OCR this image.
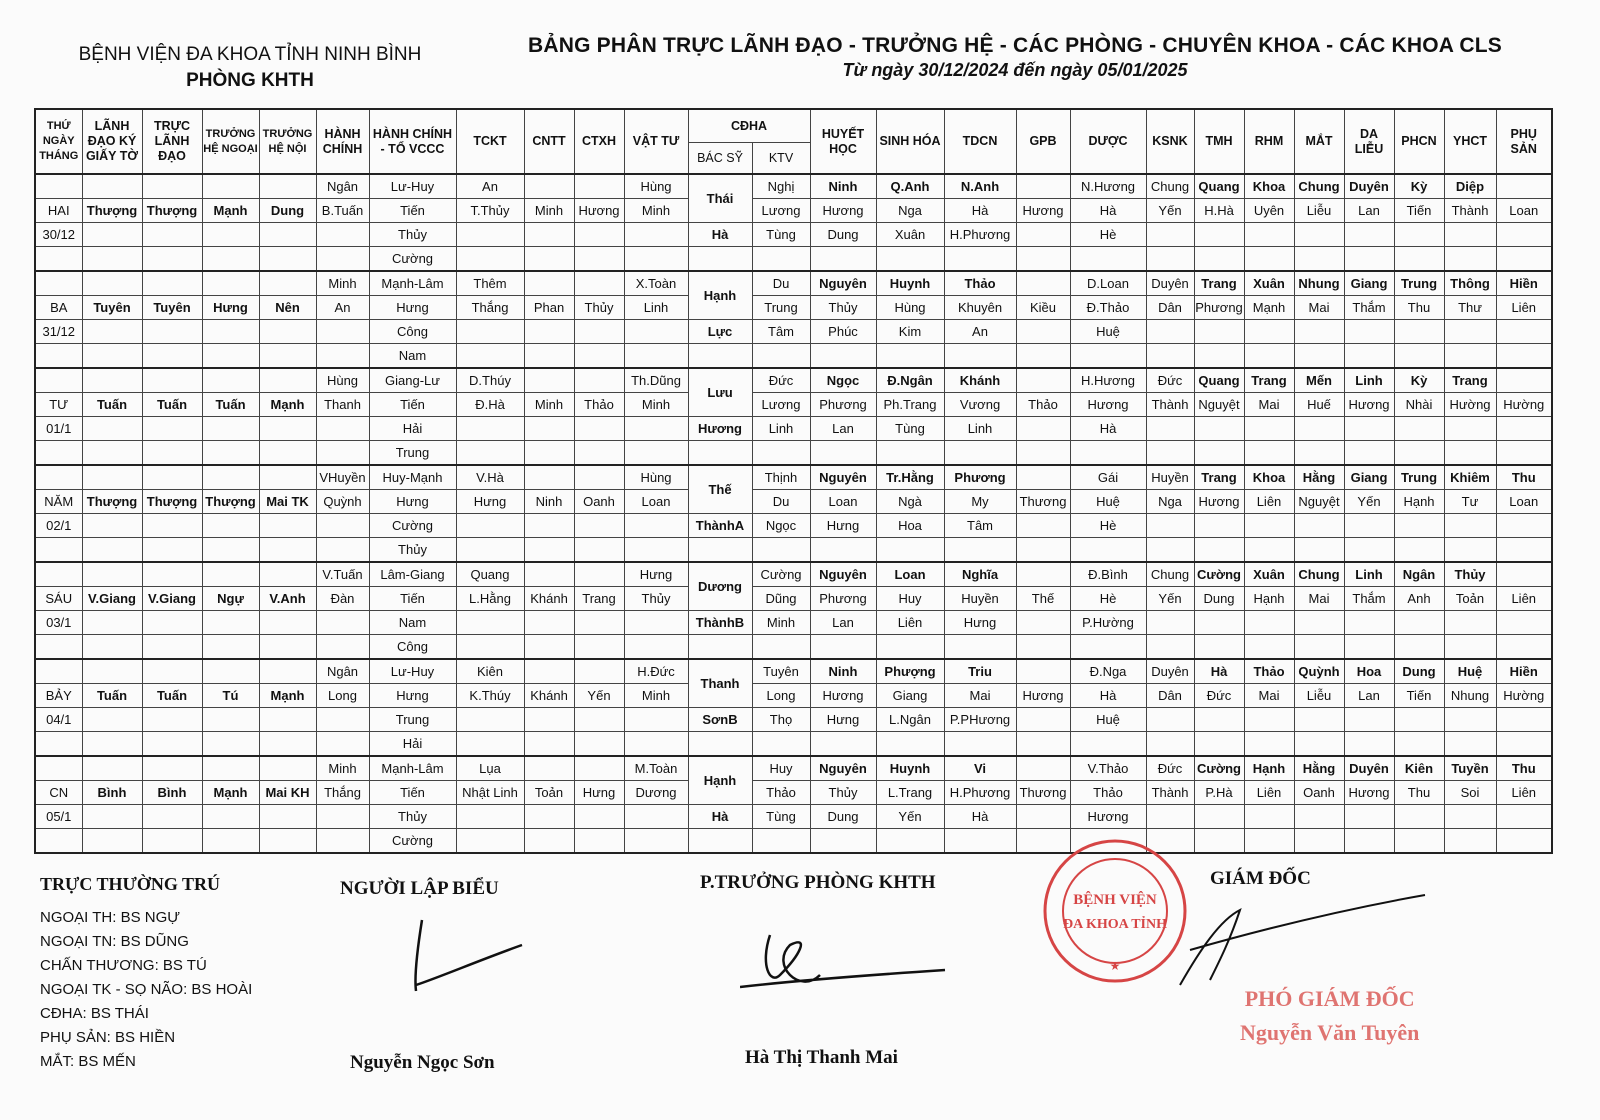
BỆNH VIỆN ĐA KHOA TỈNH NINH BÌNH
PHÒNG KHTH
BẢNG PHÂN TRỰC LÃNH ĐẠO - TRƯỞNG HỆ - CÁC PHÒNG - CHUYÊN KHOA - CÁC KHOA CLS
Từ ngày 30/12/2024 đến ngày 05/01/2025
THỨ NGÀY THÁNG	LÃNH ĐẠO KÝ GIẤY TỜ	TRỰC LÃNH ĐẠO	TRƯỞNG HỆ NGOẠI	TRƯỞNG HỆ NỘI	HÀNH CHÍNH	HÀNH CHÍNH - TỔ VCCC	TCKT	CNTT	CTXH	VẬT TƯ	CĐHA		HUYẾT HỌC	SINH HÓA	TDCN	GPB	DƯỢC	KSNK	TMH	RHM	MẮT	DA LIỄU	PHCN	YHCT	PHỤ SẢN
											BÁC SỸ	KTV													
					Ngân	Lư-Huy	An			Hùng	Thái	Nghị	Ninh	Q.Anh	N.Anh		N.Hương	Chung	Quang	Khoa	Chung	Duyên	Kỳ	Diệp	
HAI	Thượng	Thượng	Mạnh	Dung	B.Tuấn	Tiến	T.Thủy	Minh	Hương	Minh		Lương	Hương	Nga	Hà	Hương	Hà	Yến	H.Hà	Uyên	Liễu	Lan	Tiến	Thành	Loan
30/12						Thủy					Hà	Tùng	Dung	Xuân	H.Phương		Hè								
						Cường																			
					Minh	Mạnh-Lâm	Thêm			X.Toàn	Hạnh	Du	Nguyên	Huynh	Thảo		D.Loan	Duyên	Trang	Xuân	Nhung	Giang	Trung	Thông	Hiền
BA	Tuyên	Tuyên	Hưng	Nên	An	Hưng	Thắng	Phan	Thủy	Linh		Trung	Thủy	Hùng	Khuyên	Kiều	Đ.Thảo	Dân	Phương	Mạnh	Mai	Thắm	Thu	Thư	Liên
31/12						Công					Lực	Tâm	Phúc	Kim	An		Huệ								
						Nam																			
					Hùng	Giang-Lư	D.Thúy			Th.Dũng	Lưu	Đức	Ngọc	Đ.Ngân	Khánh		H.Hương	Đức	Quang	Trang	Mến	Linh	Kỳ	Trang	
TƯ	Tuấn	Tuấn	Tuấn	Mạnh	Thanh	Tiến	Đ.Hà	Minh	Thảo	Minh		Lương	Phương	Ph.Trang	Vương	Thảo	Hương	Thành	Nguyệt	Mai	Huế	Hương	Nhài	Hường	Hường
01/1						Hải					Hương	Linh	Lan	Tùng	Linh		Hà								
						Trung																			
					VHuyền	Huy-Mạnh	V.Hà			Hùng	Thế	Thịnh	Nguyên	Tr.Hằng	Phương		Gái	Huyền	Trang	Khoa	Hằng	Giang	Trung	Khiêm	Thu
NĂM	Thượng	Thượng	Thượng	Mai TK	Quỳnh	Hưng	Hưng	Ninh	Oanh	Loan		Du	Loan	Ngà	My	Thương	Huệ	Nga	Hương	Liên	Nguyệt	Yến	Hạnh	Tư	Loan
02/1						Cường					ThànhA	Ngọc	Hưng	Hoa	Tâm		Hè								
						Thủy																			
					V.Tuấn	Lâm-Giang	Quang			Hưng	Dương	Cường	Nguyên	Loan	Nghĩa		Đ.Bình	Chung	Cường	Xuân	Chung	Linh	Ngân	Thủy	
SÁU	V.Giang	V.Giang	Ngự	V.Anh	Đàn	Tiến	L.Hằng	Khánh	Trang	Thủy		Dũng	Phương	Huy	Huyền	Thế	Hè	Yến	Dung	Hạnh	Mai	Thắm	Anh	Toản	Liên
03/1						Nam					ThànhB	Minh	Lan	Liên	Hưng		P.Hường								
						Công																			
					Ngân	Lư-Huy	Kiên			H.Đức	Thanh	Tuyên	Ninh	Phượng	Triu		Đ.Nga	Duyên	Hà	Thảo	Quỳnh	Hoa	Dung	Huệ	Hiền
BẢY	Tuấn	Tuấn	Tú	Mạnh	Long	Hưng	K.Thúy	Khánh	Yến	Minh		Long	Hương	Giang	Mai	Hương	Hà	Dân	Đức	Mai	Liễu	Lan	Tiến	Nhung	Hường
04/1						Trung					SơnB	Thọ	Hưng	L.Ngân	P.PHương		Huệ								
						Hải																			
					Minh	Mạnh-Lâm	Lụa			M.Toàn	Hạnh	Huy	Nguyên	Huynh	Vi		V.Thảo	Đức	Cường	Hạnh	Hằng	Duyên	Kiên	Tuyền	Thu
CN	Bình	Bình	Mạnh	Mai KH	Thắng	Tiến	Nhật Linh	Toản	Hưng	Dương		Thảo	Thủy	L.Trang	H.Phương	Thương	Thảo	Thành	P.Hà	Liên	Oanh	Hương	Thu	Soi	Liên
05/1						Thủy					Hà	Tùng	Dung	Yến	Hà		Hương								
						Cường																			
TRỰC THƯỜNG TRÚ
NGOẠI TH: BS NGỰ
NGOẠI TN: BS DŨNG
CHẤN THƯƠNG: BS TÚ
NGOẠI TK - SỌ NÃO: BS HOÀI
CĐHA: BS THÁI
PHỤ SẢN: BS HIỀN
MẮT: BS MẾN
NGƯỜI LẬP BIỂU
Nguyễn Ngọc Sơn
P.TRƯỞNG PHÒNG KHTH
Hà Thị Thanh Mai
GIÁM ĐỐC
BỆNH VIỆN
ĐA KHOA TỈNH
★
PHÓ GIÁM ĐỐC
Nguyễn Văn Tuyên
